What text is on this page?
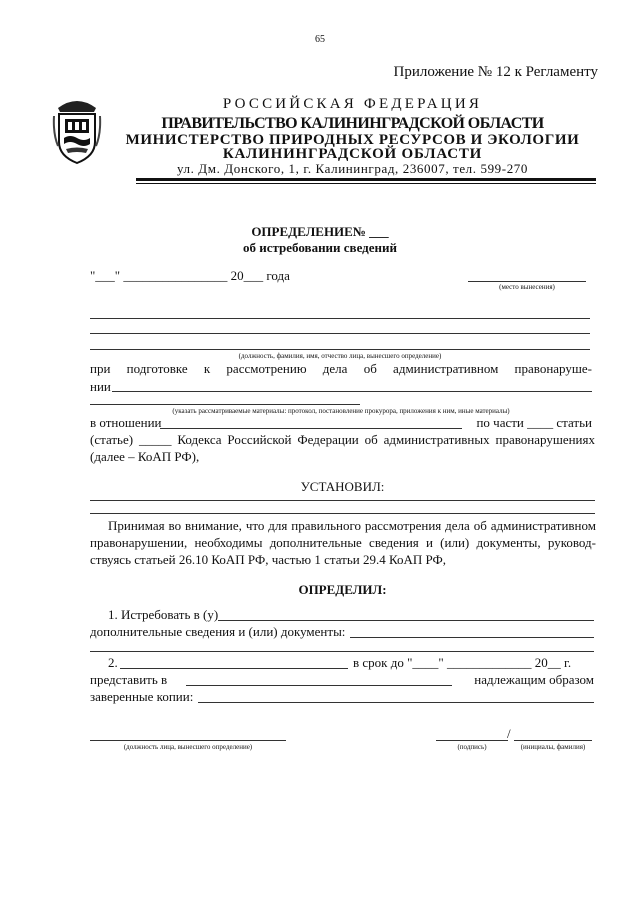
65
Приложение № 12 к Регламенту
РОССИЙСКАЯ ФЕДЕРАЦИЯ
ПРАВИТЕЛЬСТВО КАЛИНИНГРАДСКОЙ ОБЛАСТИ
МИНИСТЕРСТВО ПРИРОДНЫХ РЕСУРСОВ И ЭКОЛОГИИ
КАЛИНИНГРАДСКОЙ ОБЛАСТИ
ул. Дм. Донского, 1, г. Калининград, 236007, тел. 599-270
ОПРЕДЕЛЕНИЕ№ ___
об истребовании сведений
"___" ________________ 20___ года
(место вынесения)
(должность, фамилия, имя, отчество лица, вынесшего определение)
при подготовке к рассмотрению дела об административном правонаруше-
нии
(указать рассматриваемые материалы: протокол, постановление прокурора, приложения к ним, иные материалы)
в отношении	по части ____ статьи
(статье) _____ Кодекса Российской Федерации об административных правонарушениях
(далее – КоАП РФ),
УСТАНОВИЛ:
Принимая во внимание, что для правильного рассмотрения дела об административном
правонарушении, необходимы дополнительные сведения и (или) документы, руковод-
ствуясь статьей 26.10 КоАП РФ, частью 1 статьи 29.4 КоАП РФ,
ОПРЕДЕЛИЛ:
1. Истребовать в (у)
дополнительные сведения и (или) документы:
2.	в срок до "____" _____________ 20__ г.
представить в	надлежащим образом
заверенные копии:
(должность лица, вынесшего определение)
/
(подпись)	(инициалы, фамилия)
